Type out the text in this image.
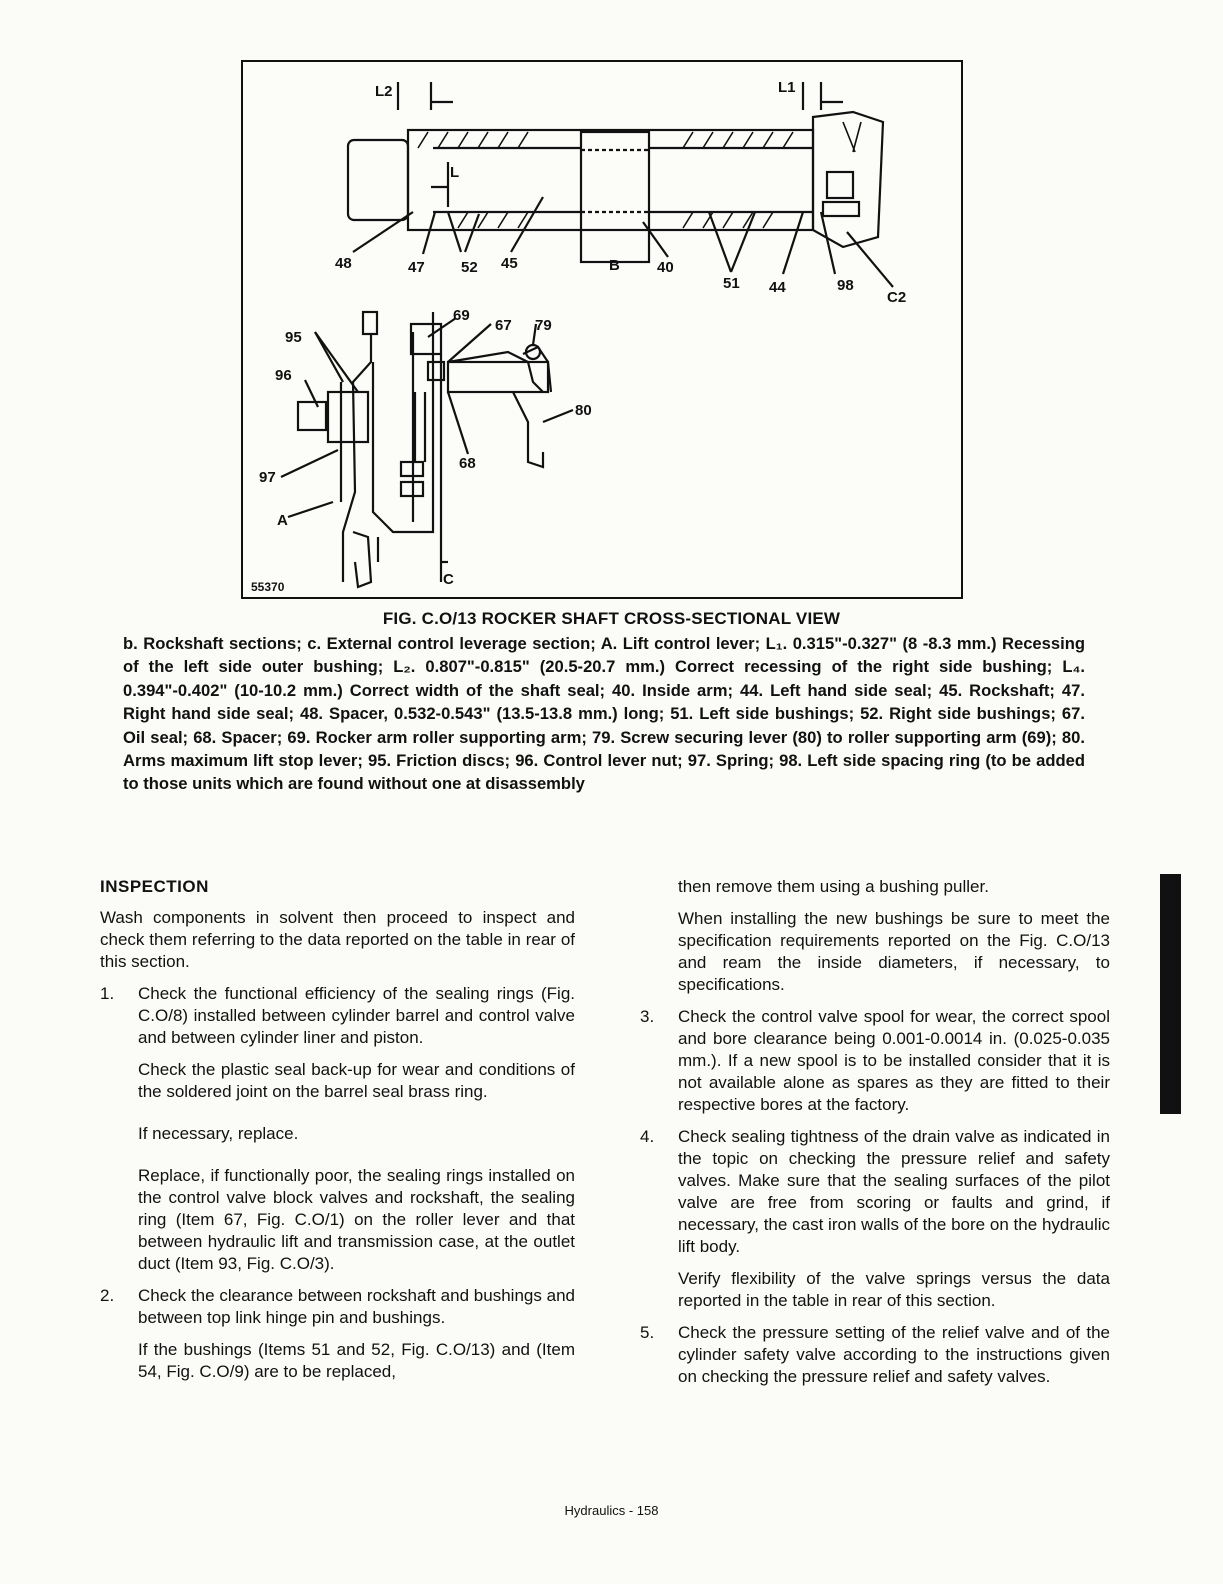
L2	L1
L
48	47 52 45	B 40
51 44	98
C2
95
96
69
67 79
80
68
97
A
C
55370
FIG. C.O/13 ROCKER SHAFT CROSS-SECTIONAL VIEW
b. Rockshaft sections; c. External control leverage section; A. Lift control lever; L₁. 0.315"-0.327" (8 -8.3 mm.) Recessing of the left side outer bushing; L₂. 0.807"-0.815" (20.5-20.7 mm.) Correct recessing of the right side bushing; L₄. 0.394"-0.402" (10-10.2 mm.) Correct width of the shaft seal; 40. Inside arm; 44. Left hand side seal; 45. Rockshaft; 47. Right hand side seal; 48. Spacer, 0.532-0.543" (13.5-13.8 mm.) long; 51. Left side bushings; 52. Right side bushings; 67. Oil seal; 68. Spacer; 69. Rocker arm roller supporting arm; 79. Screw securing lever (80) to roller supporting arm (69); 80. Arms maximum lift stop lever; 95. Friction discs; 96. Control lever nut; 97. Spring; 98. Left side spacing ring (to be added to those units which are found without one at disassembly
INSPECTION

Wash components in solvent then proceed to inspect and check them referring to the data reported on the table in rear of this section.

1. Check the functional efficiency of the sealing rings (Fig. C.O/8) installed between cylinder barrel and control valve and between cylinder liner and piston.

Check the plastic seal back-up for wear and conditions of the soldered joint on the barrel seal brass ring.

If necessary, replace.

Replace, if functionally poor, the sealing rings installed on the control valve block valves and rockshaft, the sealing ring (Item 67, Fig. C.O/1) on the roller lever and that between hydraulic lift and transmission case, at the outlet duct (Item 93, Fig. C.O/3).

2. Check the clearance between rockshaft and bushings and between top link hinge pin and bushings.

If the bushings (Items 51 and 52, Fig. C.O/13) and (Item 54, Fig. C.O/9) are to be replaced,

then remove them using a bushing puller.

When installing the new bushings be sure to meet the specification requirements reported on the Fig. C.O/13 and ream the inside diameters, if necessary, to specifications.

3. Check the control valve spool for wear, the correct spool and bore clearance being 0.001-0.0014 in. (0.025-0.035 mm.). If a new spool is to be installed consider that it is not available alone as spares as they are fitted to their respective bores at the factory.

4. Check sealing tightness of the drain valve as indicated in the topic on checking the pressure relief and safety valves. Make sure that the sealing surfaces of the pilot valve are free from scoring or faults and grind, if necessary, the cast iron walls of the bore on the hydraulic lift body.

Verify flexibility of the valve springs versus the data reported in the table in rear of this section.

5. Check the pressure setting of the relief valve and of the cylinder safety valve according to the instructions given on checking the pressure relief and safety valves.

Hydraulics - 158
